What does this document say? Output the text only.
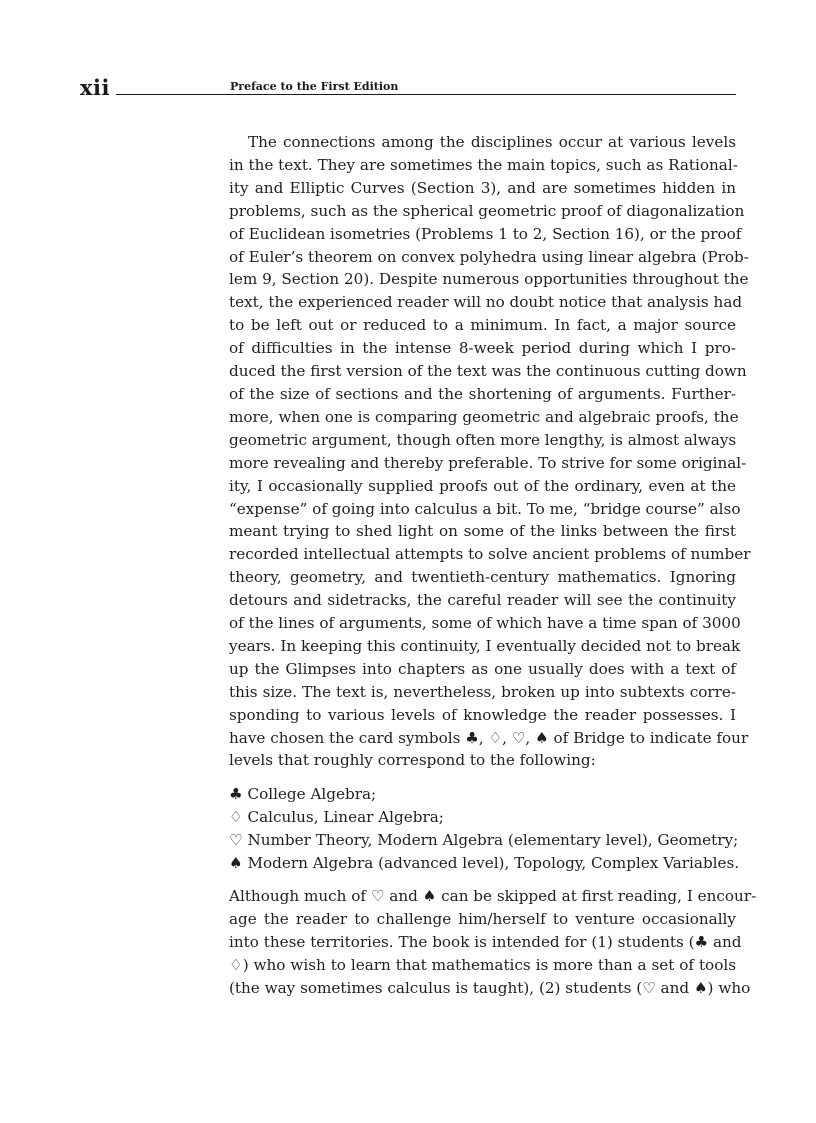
xii	Preface to the First Edition

The connections among the disciplines occur at various levels
in the text. They are sometimes the main topics, such as Rational-
ity and Elliptic Curves (Section 3), and are sometimes hidden in
problems, such as the spherical geometric proof of diagonalization
of Euclidean isometries (Problems 1 to 2, Section 16), or the proof
of Euler’s theorem on convex polyhedra using linear algebra (Prob-
lem 9, Section 20). Despite numerous opportunities throughout the
text, the experienced reader will no doubt notice that analysis had
to be left out or reduced to a minimum. In fact, a major source
of difficulties in the intense 8-week period during which I pro-
duced the first version of the text was the continuous cutting down
of the size of sections and the shortening of arguments. Further-
more, when one is comparing geometric and algebraic proofs, the
geometric argument, though often more lengthy, is almost always
more revealing and thereby preferable. To strive for some original-
ity, I occasionally supplied proofs out of the ordinary, even at the
“expense” of going into calculus a bit. To me, “bridge course” also
meant trying to shed light on some of the links between the first
recorded intellectual attempts to solve ancient problems of number
theory, geometry, and twentieth-century mathematics. Ignoring
detours and sidetracks, the careful reader will see the continuity
of the lines of arguments, some of which have a time span of 3000
years. In keeping this continuity, I eventually decided not to break
up the Glimpses into chapters as one usually does with a text of
this size. The text is, nevertheless, broken up into subtexts corre-
sponding to various levels of knowledge the reader possesses. I
have chosen the card symbols ♣, ♢, ♡, ♠ of Bridge to indicate four
levels that roughly correspond to the following:

♣ College Algebra;
♢ Calculus, Linear Algebra;
♡ Number Theory, Modern Algebra (elementary level), Geometry;
♠ Modern Algebra (advanced level), Topology, Complex Variables.

Although much of ♡ and ♠ can be skipped at first reading, I encour-
age the reader to challenge him/herself to venture occasionally
into these territories. The book is intended for (1) students (♣ and
♢) who wish to learn that mathematics is more than a set of tools
(the way sometimes calculus is taught), (2) students (♡ and ♠) who
